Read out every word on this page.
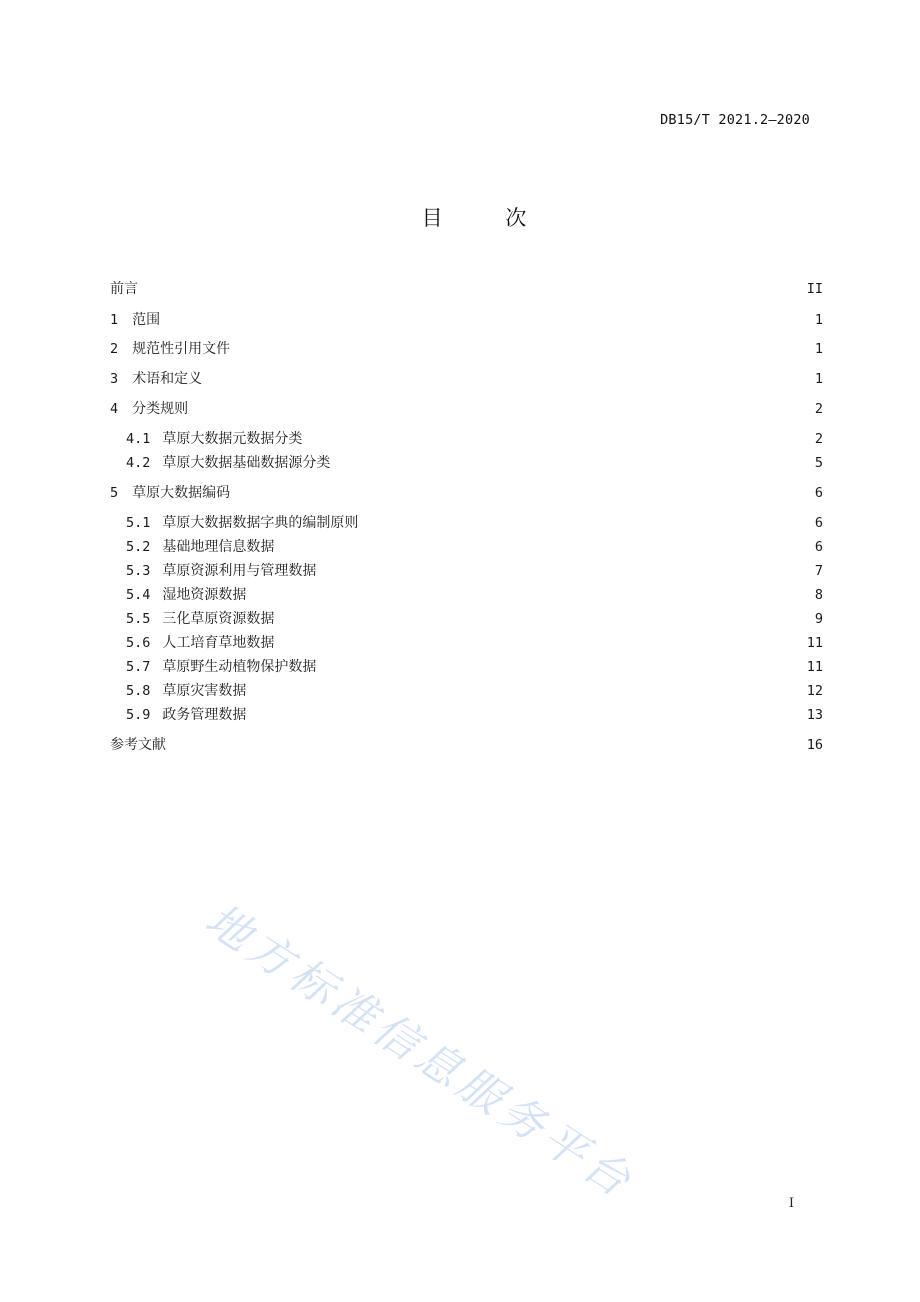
DB15/T 2021.2—2020
目 次
前言	II
1 范围	1
2 规范性引用文件	1
3 术语和定义	1
4 分类规则	2
4.1 草原大数据元数据分类	2
4.2 草原大数据基础数据源分类	5
5 草原大数据编码	6
5.1 草原大数据数据字典的编制原则	6
5.2 基础地理信息数据	6
5.3 草原资源利用与管理数据	7
5.4 湿地资源数据	8
5.5 三化草原资源数据	9
5.6 人工培育草地数据	11
5.7 草原野生动植物保护数据	11
5.8 草原灾害数据	12
5.9 政务管理数据	13
参考文献	16
地方标准信息服务平台	I
